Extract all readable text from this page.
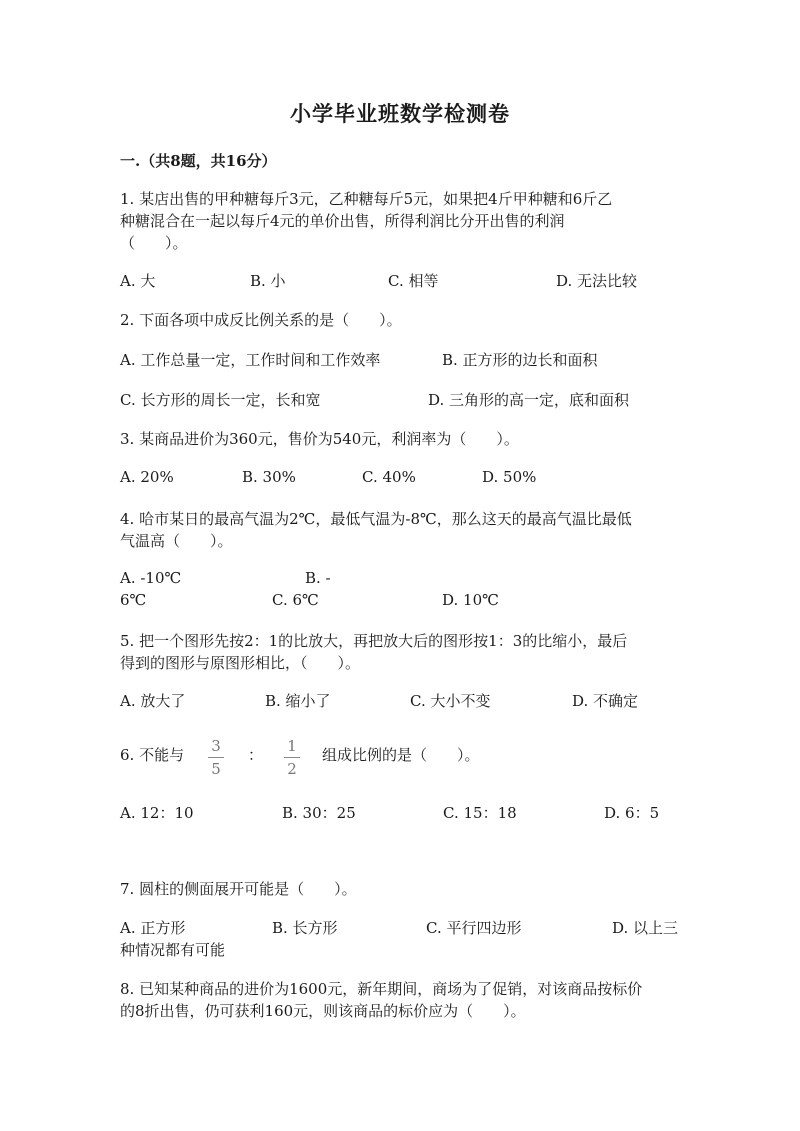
小学毕业班数学检测卷
一.（共8题，共16分）
1. 某店出售的甲种糖每斤3元，乙种糖每斤5元，如果把4斤甲种糖和6斤乙
种糖混合在一起以每斤4元的单价出售，所得利润比分开出售的利润
（　　）。
A. 大	B. 小	C. 相等	D. 无法比较
2. 下面各项中成反比例关系的是（　　）。
A. 工作总量一定，工作时间和工作效率	B. 正方形的边长和面积
C. 长方形的周长一定，长和宽	D. 三角形的高一定，底和面积
3. 某商品进价为360元，售价为540元，利润率为（　　）。
A. 20%	B. 30%	C. 40%	D. 50%
4. 哈市某日的最高气温为2℃，最低气温为-8℃，那么这天的最高气温比最低
气温高（　　）。
A. -10℃	B. -
6℃	C. 6℃	D. 10℃
5. 把一个图形先按2：1的比放大，再把放大后的图形按1：3的比缩小，最后
得到的图形与原图形相比，（　　）。
A. 放大了	B. 缩小了	C. 大小不变	D. 不确定
6. 不能与	3
5
：	1
2
组成比例的是（　　）。
A. 12：10	B. 30：25	C. 15：18	D. 6：5
7. 圆柱的侧面展开可能是（　　）。
A. 正方形	B. 长方形	C. 平行四边形	D. 以上三
种情况都有可能
8. 已知某种商品的进价为1600元，新年期间，商场为了促销，对该商品按标价
的8折出售，仍可获利160元，则该商品的标价应为（　　）。
